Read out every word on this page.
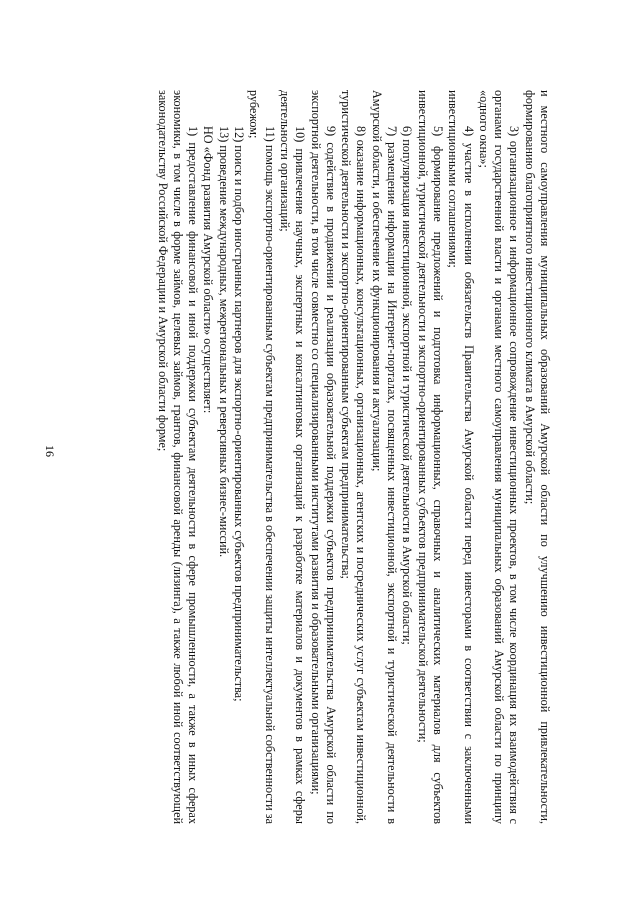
16	и местного самоуправления муниципальных образований Амурской области по улучшению инвестиционной привлекательности, формированию благоприятного инвестиционного климата в Амурской области;

3) организационное и информационное сопровождение инвестиционных проектов, в том числе координация их взаимодействия с органами государственной власти и органами местного самоуправления муниципальных образований Амурской области по принципу «одного окна»;

4) участие в исполнении обязательств Правительства Амурской области перед инвесторами в соответствии с заключенными инвестиционными соглашениями;

5) формирование предложений и подготовка информационных, справочных и аналитических материалов для субъектов инвестиционной, туристической деятельности и экспортно-ориентированных субъектов предпринимательской деятельности;

6) популяризация инвестиционной, экспортной и туристической деятельности в Амурской области;

7) размещение информации на Интернет-порталах, посвященных инвестиционной, экспортной и туристической деятельности в Амурской области, и обеспечение их функционирования и актуализации;

8) оказание информационных, консультационных, организационных, агентских и посреднических услуг субъектам инвестиционной, туристической деятельности и экспортно-ориентированным субъектам предпринимательства;

9) содействие в продвижении и реализации образовательной поддержки субъектов предпринимательства Амурской области по экспортной деятельности, в том числе совместно со специализированными институтами развития и образовательными организациями;

10) привлечение научных, экспертных и консалтинговых организаций к разработке материалов и документов в рамках сферы деятельности организаций;

11) помощь экспортно-ориентированным субъектам предпринимательства в обеспечении защиты интеллектуальной собственности за рубежом;

12) поиск и подбор иностранных партнеров для экспортно-ориентированных субъектов предпринимательства;

13) проведение международных, межрегиональных и реверсивных бизнес-миссий.

НО «Фонд развития Амурской области» осуществляет:

1) предоставление финансовой и иной поддержки субъектам деятельности в сфере промышленности, а также в иных сферах экономики, в том числе в форме займов, целевых займов, грантов, финансовой аренды (лизинга), а также любой иной соответствующей законодательству Российской Федерации и Амурской области форме;
